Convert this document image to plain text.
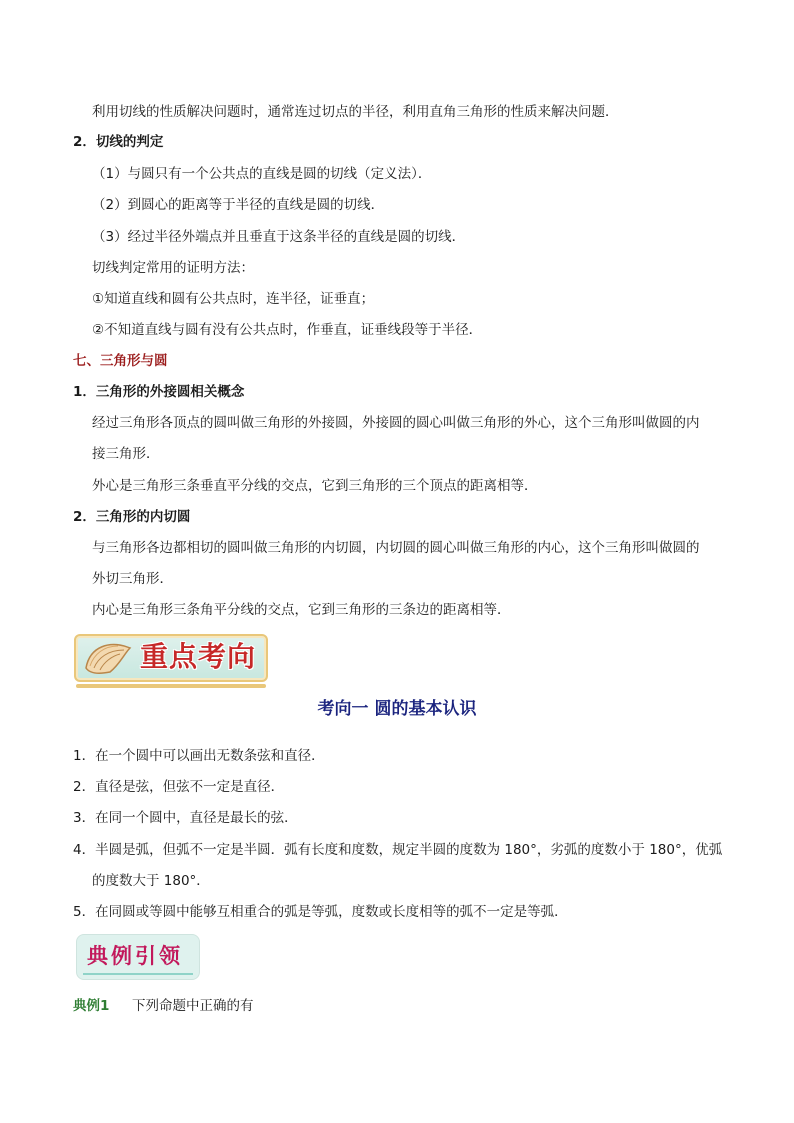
利用切线的性质解决问题时，通常连过切点的半径，利用直角三角形的性质来解决问题．
2．切线的判定
（1）与圆只有一个公共点的直线是圆的切线（定义法）．
（2）到圆心的距离等于半径的直线是圆的切线．
（3）经过半径外端点并且垂直于这条半径的直线是圆的切线．
切线判定常用的证明方法：
①知道直线和圆有公共点时，连半径，证垂直；
②不知道直线与圆有没有公共点时，作垂直，证垂线段等于半径．
七、三角形与圆
1．三角形的外接圆相关概念
经过三角形各顶点的圆叫做三角形的外接圆，外接圆的圆心叫做三角形的外心，这个三角形叫做圆的内
接三角形．
外心是三角形三条垂直平分线的交点，它到三角形的三个顶点的距离相等．
2．三角形的内切圆
与三角形各边都相切的圆叫做三角形的内切圆，内切圆的圆心叫做三角形的内心，这个三角形叫做圆的
外切三角形．
内心是三角形三条角平分线的交点，它到三角形的三条边的距离相等．
1．在一个圆中可以画出无数条弦和直径．
2．直径是弦，但弦不一定是直径．
3．在同一个圆中，直径是最长的弦．
4．半圆是弧，但弧不一定是半圆．弧有长度和度数，规定半圆的度数为 180°，劣弧的度数小于 180°，优弧
的度数大于 180°．
5．在同圆或等圆中能够互相重合的弧是等弧，度数或长度相等的弧不一定是等弧．
重点考向
考向一 圆的基本认识
典例引领
典例1 下列命题中正确的有
